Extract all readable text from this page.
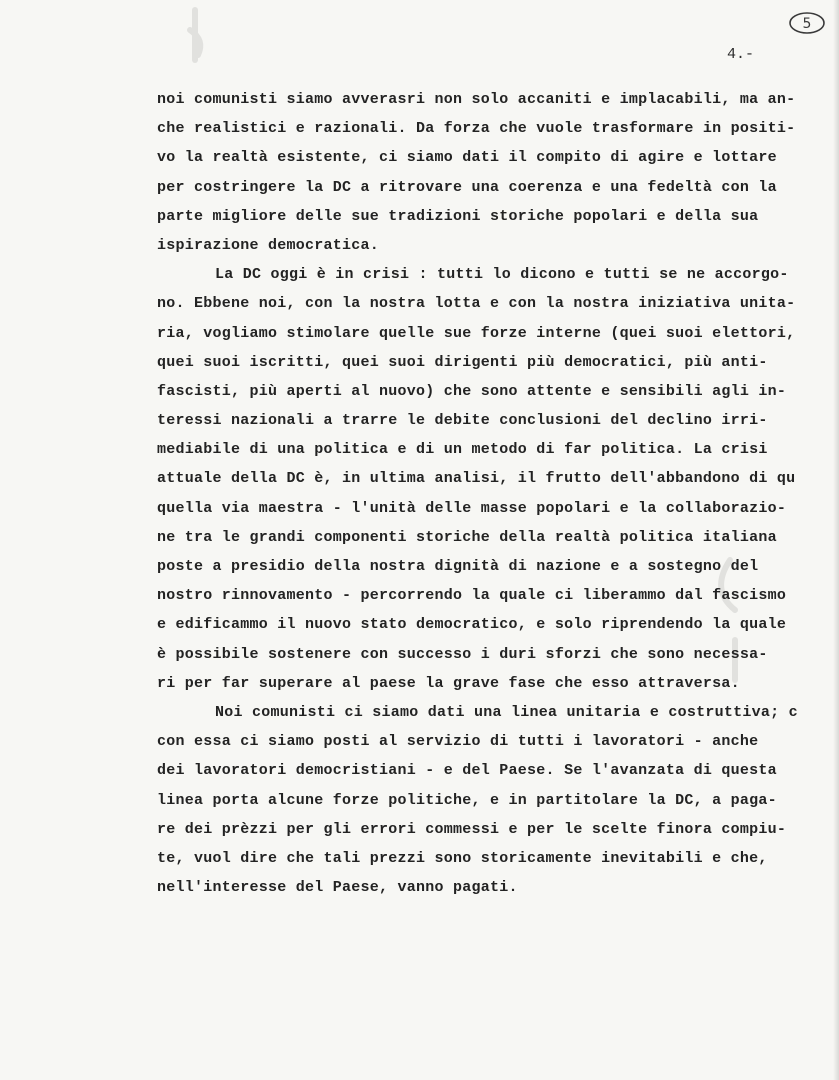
5
4.-
noi comunisti siamo avverasri non solo accaniti e implacabili, ma an-
che realistici e razionali. Da forza che vuole trasformare in positi-
vo la realtà esistente, ci siamo dati il compito di agire e lottare
per costringere la DC a ritrovare una coerenza e una fedeltà con la
parte migliore delle sue tradizioni storiche popolari e della sua
ispirazione democratica.
La DC oggi è in crisi : tutti lo dicono e tutti se ne accorgo-
no. Ebbene noi, con la nostra lotta e con la nostra iniziativa unita-
ria, vogliamo stimolare quelle sue forze interne (quei suoi elettori,
quei suoi iscritti, quei suoi dirigenti più democratici, più anti-
fascisti, più aperti al nuovo) che sono attente e sensibili agli in-
teressi nazionali a trarre le debite conclusioni del declino irri-
mediabile di una politica e di un metodo di far politica. La crisi
attuale della DC è, in ultima analisi, il frutto dell'abbandono di qu
quella via maestra - l'unità delle masse popolari e la collaborazio-
ne tra le grandi componenti storiche della realtà politica italiana
poste a presidio della nostra dignità di nazione e a sostegno del
nostro rinnovamento - percorrendo la quale ci liberammo dal fascismo
e edificammo il nuovo stato democratico, e solo riprendendo la quale
è possibile sostenere con successo i duri sforzi che sono necessa-
ri per far superare al paese la grave fase che esso attraversa.
Noi comunisti ci siamo dati una linea unitaria e costruttiva; c
con essa ci siamo posti al servizio di tutti i lavoratori - anche
dei lavoratori democristiani - e del Paese. Se l'avanzata di questa
linea porta alcune forze politiche, e in partitolare la DC, a paga-
re dei prèzzi per gli errori commessi e per le scelte finora compiu-
te, vuol dire che tali prezzi sono storicamente inevitabili e che,
nell'interesse del Paese, vanno pagati.
